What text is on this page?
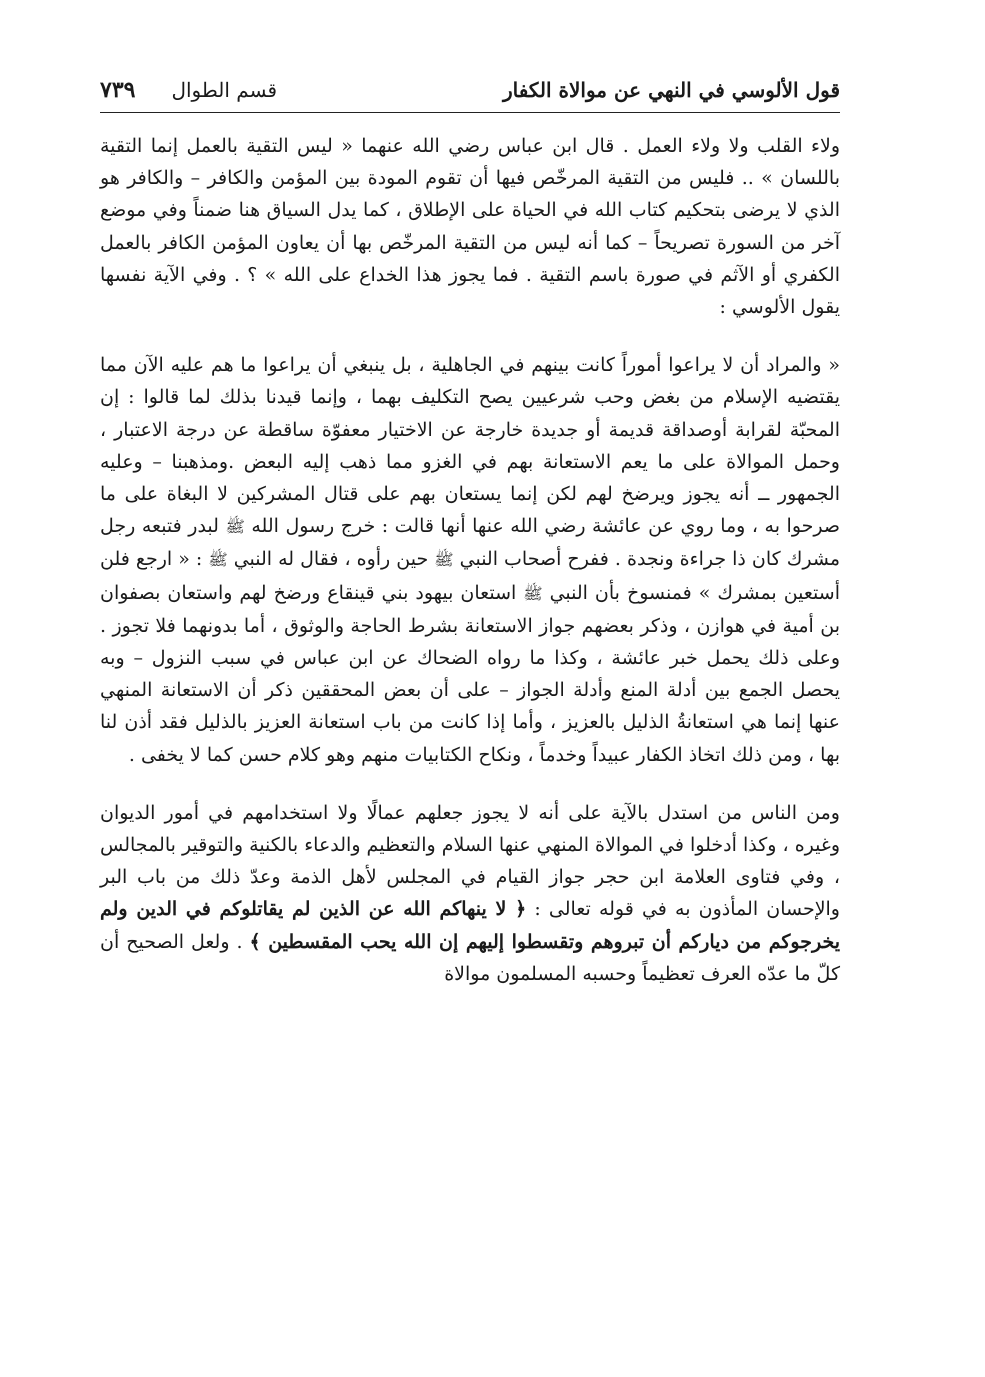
قول الألوسي في النهي عن موالاة الكفار
قسم الطوال
٧٣٩

ولاء القلب ولا ولاء العمل . قال ابن عباس رضي الله عنهما « ليس التقية بالعمل إنما التقية باللسان » .. فليس من التقية المرخّص فيها أن تقوم المودة بين المؤمن والكافر – والكافر هو الذي لا يرضى بتحكيم كتاب الله في الحياة على الإطلاق ، كما يدل السياق هنا ضمناً وفي موضع آخر من السورة تصريحاً – كما أنه ليس من التقية المرخّص بها أن يعاون المؤمن الكافر بالعمل الكفري أو الآثم في صورة باسم التقية . فما يجوز هذا الخداع على الله » ؟ . وفي الآية نفسها يقول الألوسي :

« والمراد أن لا يراعوا أموراً كانت بينهم في الجاهلية ، بل ينبغي أن يراعوا ما هم عليه الآن مما يقتضيه الإسلام من بغض وحب شرعيين يصح التكليف بهما ، وإنما قيدنا بذلك لما قالوا : إن المحبّة لقرابة أوصداقة قديمة أو جديدة خارجة عن الاختيار معفوّة ساقطة عن درجة الاعتبار ، وحمل الموالاة على ما يعم الاستعانة بهم في الغزو مما ذهب إليه البعض .ومذهبنا – وعليه الجمهور ــ أنه يجوز ويرضخ لهم لكن إنما يستعان بهم على قتال المشركين لا البغاة على ما صرحوا به ، وما روي عن عائشة رضي الله عنها أنها قالت : خرج رسول الله ﷺ لبدر فتبعه رجل مشرك كان ذا جراءة ونجدة . ففرح أصحاب النبي ﷺ حين رأوه ، فقال له النبي ﷺ : « ارجع فلن أستعين بمشرك » فمنسوخ بأن النبي ﷺ استعان بيهود بني قينقاع ورضخ لهم واستعان بصفوان بن أمية في هوازن ، وذكر بعضهم جواز الاستعانة بشرط الحاجة والوثوق ، أما بدونهما فلا تجوز . وعلى ذلك يحمل خبر عائشة ، وكذا ما رواه الضحاك عن ابن عباس في سبب النزول – وبه يحصل الجمع بين أدلة المنع وأدلة الجواز – على أن بعض المحققين ذكر أن الاستعانة المنهي عنها إنما هي استعانةُ الذليل بالعزيز ، وأما إذا كانت من باب استعانة العزيز بالذليل فقد أذن لنا بها ، ومن ذلك اتخاذ الكفار عبيداً وخدماً ، ونكاح الكتابيات منهم وهو كلام حسن كما لا يخفى .

ومن الناس من استدل بالآية على أنه لا يجوز جعلهم عمالًا ولا استخدامهم في أمور الديوان وغيره ، وكذا أدخلوا في الموالاة المنهي عنها السلام والتعظيم والدعاء بالكنية والتوقير بالمجالس ، وفي فتاوى العلامة ابن حجر جواز القيام في المجلس لأهل الذمة وعدّ ذلك من باب البر والإحسان المأذون به في قوله تعالى : ﴿ لا ينهاكم الله عن الذين لم يقاتلوكم في الدين ولم يخرجوكم من دياركم أن تبروهم وتقسطوا إليهم إن الله يحب المقسطين ﴾ . ولعل الصحيح أن كلّ ما عدّه العرف تعظيماً وحسبه المسلمون موالاة
